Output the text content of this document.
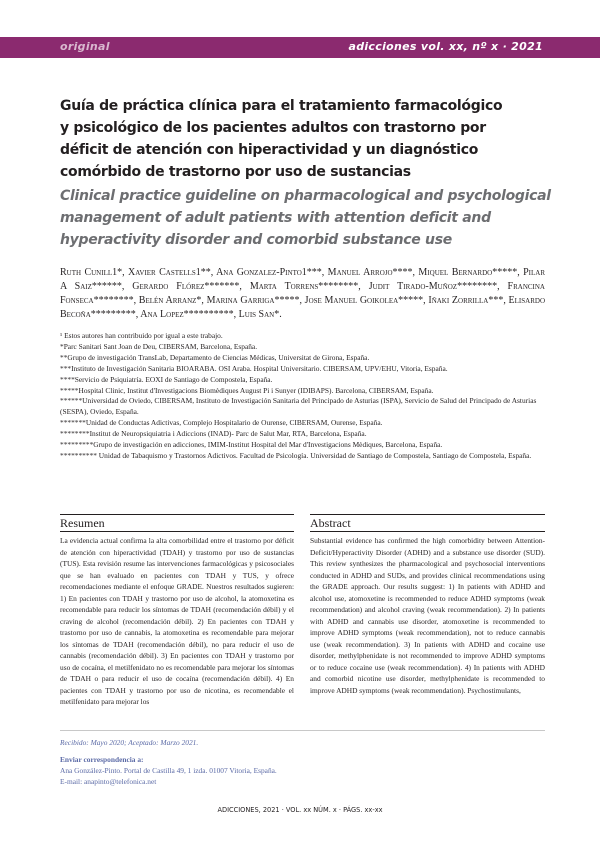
original	adicciones vol. xx, nº x · 2021
Guía de práctica clínica para el tratamiento farmacológico
y psicológico de los pacientes adultos con trastorno por
déficit de atención con hiperactividad y un diagnóstico
comórbido de trastorno por uso de sustancias
Clinical practice guideline on pharmacological and psychological
management of adult patients with attention deficit and
hyperactivity disorder and comorbid substance use
Ruth Cunill1*, Xavier Castells1**, Ana Gonzalez-Pinto1***, Manuel Arrojo****, Miquel Bernardo*****, Pilar A Saiz******, Gerardo Flórez*******, Marta Torrens********, Judit Tirado-Muñoz********, Francina Fonseca********, Belén Arranz*, Marina Garriga*****, Jose Manuel Goikolea*****, Iñaki Zorrilla***, Elisardo Becoña*********, Ana Lopez**********, Luis San*.

¹ Estos autores han contribuido por igual a este trabajo.

*Parc Sanitari Sant Joan de Deu, CIBERSAM, Barcelona, España.

**Grupo de investigación TransLab, Departamento de Ciencias Médicas, Universitat de Girona, España.

***Instituto de Investigación Sanitaria BIOARABA. OSI Araba. Hospital Universitario. CIBERSAM, UPV/EHU, Vitoria, España.

****Servicio de Psiquiatría. EOXI de Santiago de Compostela, España.

*****Hospital Clinic, Institut d'Investigacions Biomèdiques August Pi i Sunyer (IDIBAPS). Barcelona, CIBERSAM, España.

******Universidad de Oviedo, CIBERSAM, Instituto de Investigación Sanitaria del Principado de Asturias (ISPA), Servicio de Salud del Principado de Asturias (SESPA), Oviedo, España.

*******Unidad de Conductas Adictivas, Complejo Hospitalario de Ourense, CIBERSAM, Ourense, España.

********Institut de Neuropsiquiatria i Adiccions (INAD)- Parc de Salut Mar, RTA, Barcelona, España.

*********Grupo de investigación en adicciones, IMIM-Institut Hospital del Mar d'Investigacions Mèdiques, Barcelona, España.

********** Unidad de Tabaquismo y Trastornos Adictivos. Facultad de Psicología. Universidad de Santiago de Compostela, Santiago de Compostela, España.

Resumen

La evidencia actual confirma la alta comorbilidad entre el trastorno por déficit de atención con hiperactividad (TDAH) y trastorno por uso de sustancias (TUS). Esta revisión resume las intervenciones farmacológicas y psicosociales que se han evaluado en pacientes con TDAH y TUS, y ofrece recomendaciones mediante el enfoque GRADE. Nuestros resultados sugieren: 1) En pacientes con TDAH y trastorno por uso de alcohol, la atomoxetina es recomendable para reducir los síntomas de TDAH (recomendación débil) y el craving de alcohol (recomendación débil). 2) En pacientes con TDAH y trastorno por uso de cannabis, la atomoxetina es recomendable para mejorar los síntomas de TDAH (recomendación débil), no para reducir el uso de cannabis (recomendación débil). 3) En pacientes con TDAH y trastorno por uso de cocaína, el metilfenidato no es recomendable para mejorar los síntomas de TDAH o para reducir el uso de cocaína (recomendación débil). 4) En pacientes con TDAH y trastorno por uso de nicotina, es recomendable el metilfenidato para mejorar los

Abstract

Substantial evidence has confirmed the high comorbidity between Attention-Deficit/Hyperactivity Disorder (ADHD) and a substance use disorder (SUD). This review synthesizes the pharmacological and psychosocial interventions conducted in ADHD and SUDs, and provides clinical recommendations using the GRADE approach. Our results suggest: 1) In patients with ADHD and alcohol use, atomoxetine is recommended to reduce ADHD symptoms (weak recommendation) and alcohol craving (weak recommendation). 2) In patients with ADHD and cannabis use disorder, atomoxetine is recommended to improve ADHD symptoms (weak recommendation), not to reduce cannabis use (weak recommendation). 3) In patients with ADHD and cocaine use disorder, methylphenidate is not recommended to improve ADHD symptoms or to reduce cocaine use (weak recommendation). 4) In patients with ADHD and comorbid nicotine use disorder, methylphenidate is recommended to improve ADHD symptoms (weak recommendation). Psychostimulants,

Recibido: Mayo 2020; Aceptado: Marzo 2021.
Enviar correspondencia a:
Ana González-Pinto. Portal de Castilla 49, 1 izda. 01007 Vitoria, España.
E-mail: anapinto@telefonica.net
ADICCIONES, 2021 · VOL. xx NÚM. x · PÁGS. xx-xx
